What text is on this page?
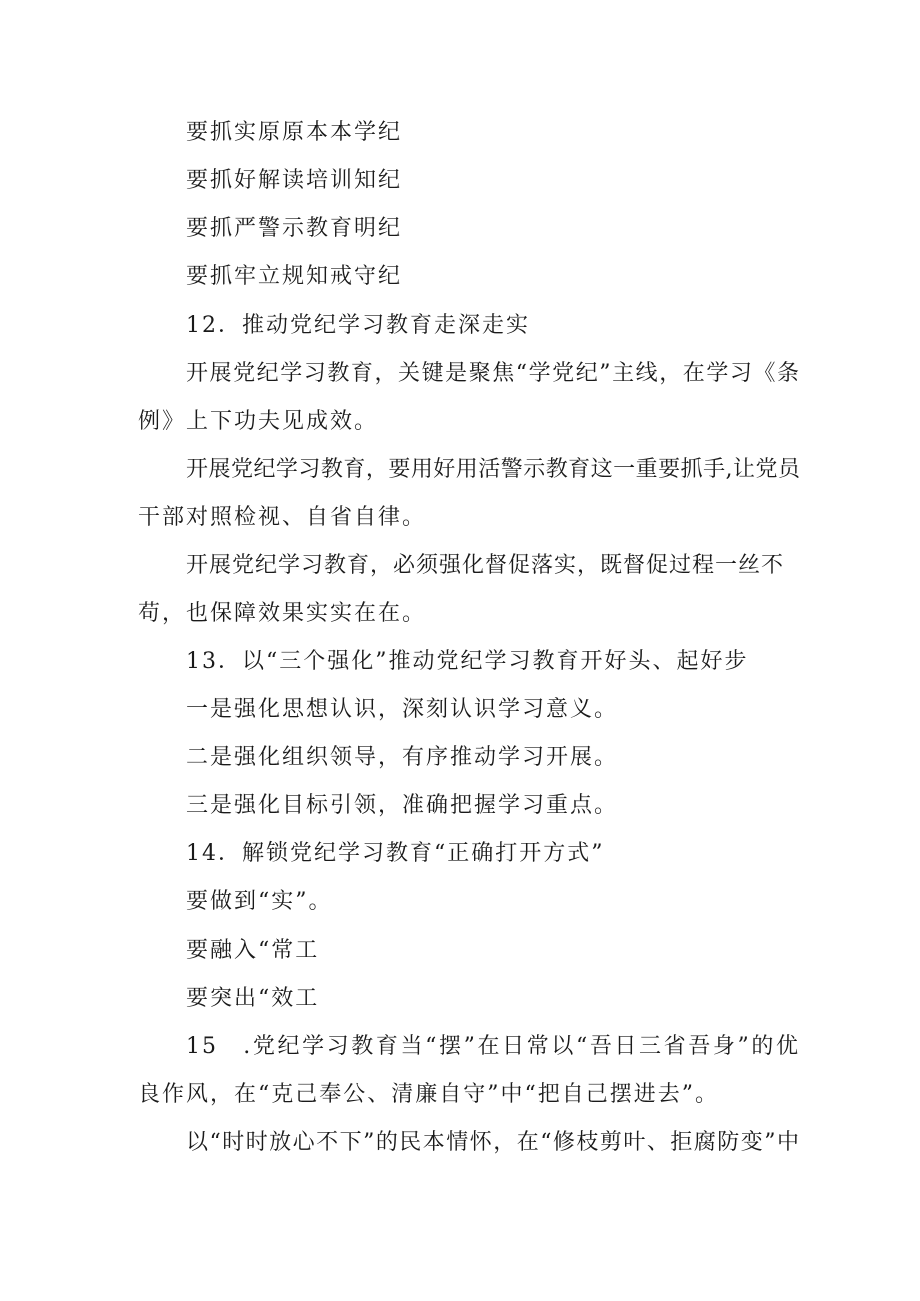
要抓实原原本本学纪
要抓好解读培训知纪
要抓严警示教育明纪
要抓牢立规知戒守纪
12．推动党纪学习教育走深走实
开展党纪学习教育，关键是聚焦“学党纪”主线，在学习《条
例》上下功夫见成效。
开展党纪学习教育，要用好用活警示教育这一重要抓手,让党员
干部对照检视、自省自律。
开展党纪学习教育，必须强化督促落实，既督促过程一丝不
苟，也保障效果实实在在。
13．以“三个强化”推动党纪学习教育开好头、起好步
一是强化思想认识，深刻认识学习意义。
二是强化组织领导，有序推动学习开展。
三是强化目标引领，准确把握学习重点。
14．解锁党纪学习教育“正确打开方式”
要做到“实”。
要融入“常工
要突出“效工
15　.党纪学习教育当“摆”在日常以“吾日三省吾身”的优
良作风，在“克己奉公、清廉自守”中“把自己摆进去”。
以“时时放心不下”的民本情怀，在“修枝剪叶、拒腐防变”中
